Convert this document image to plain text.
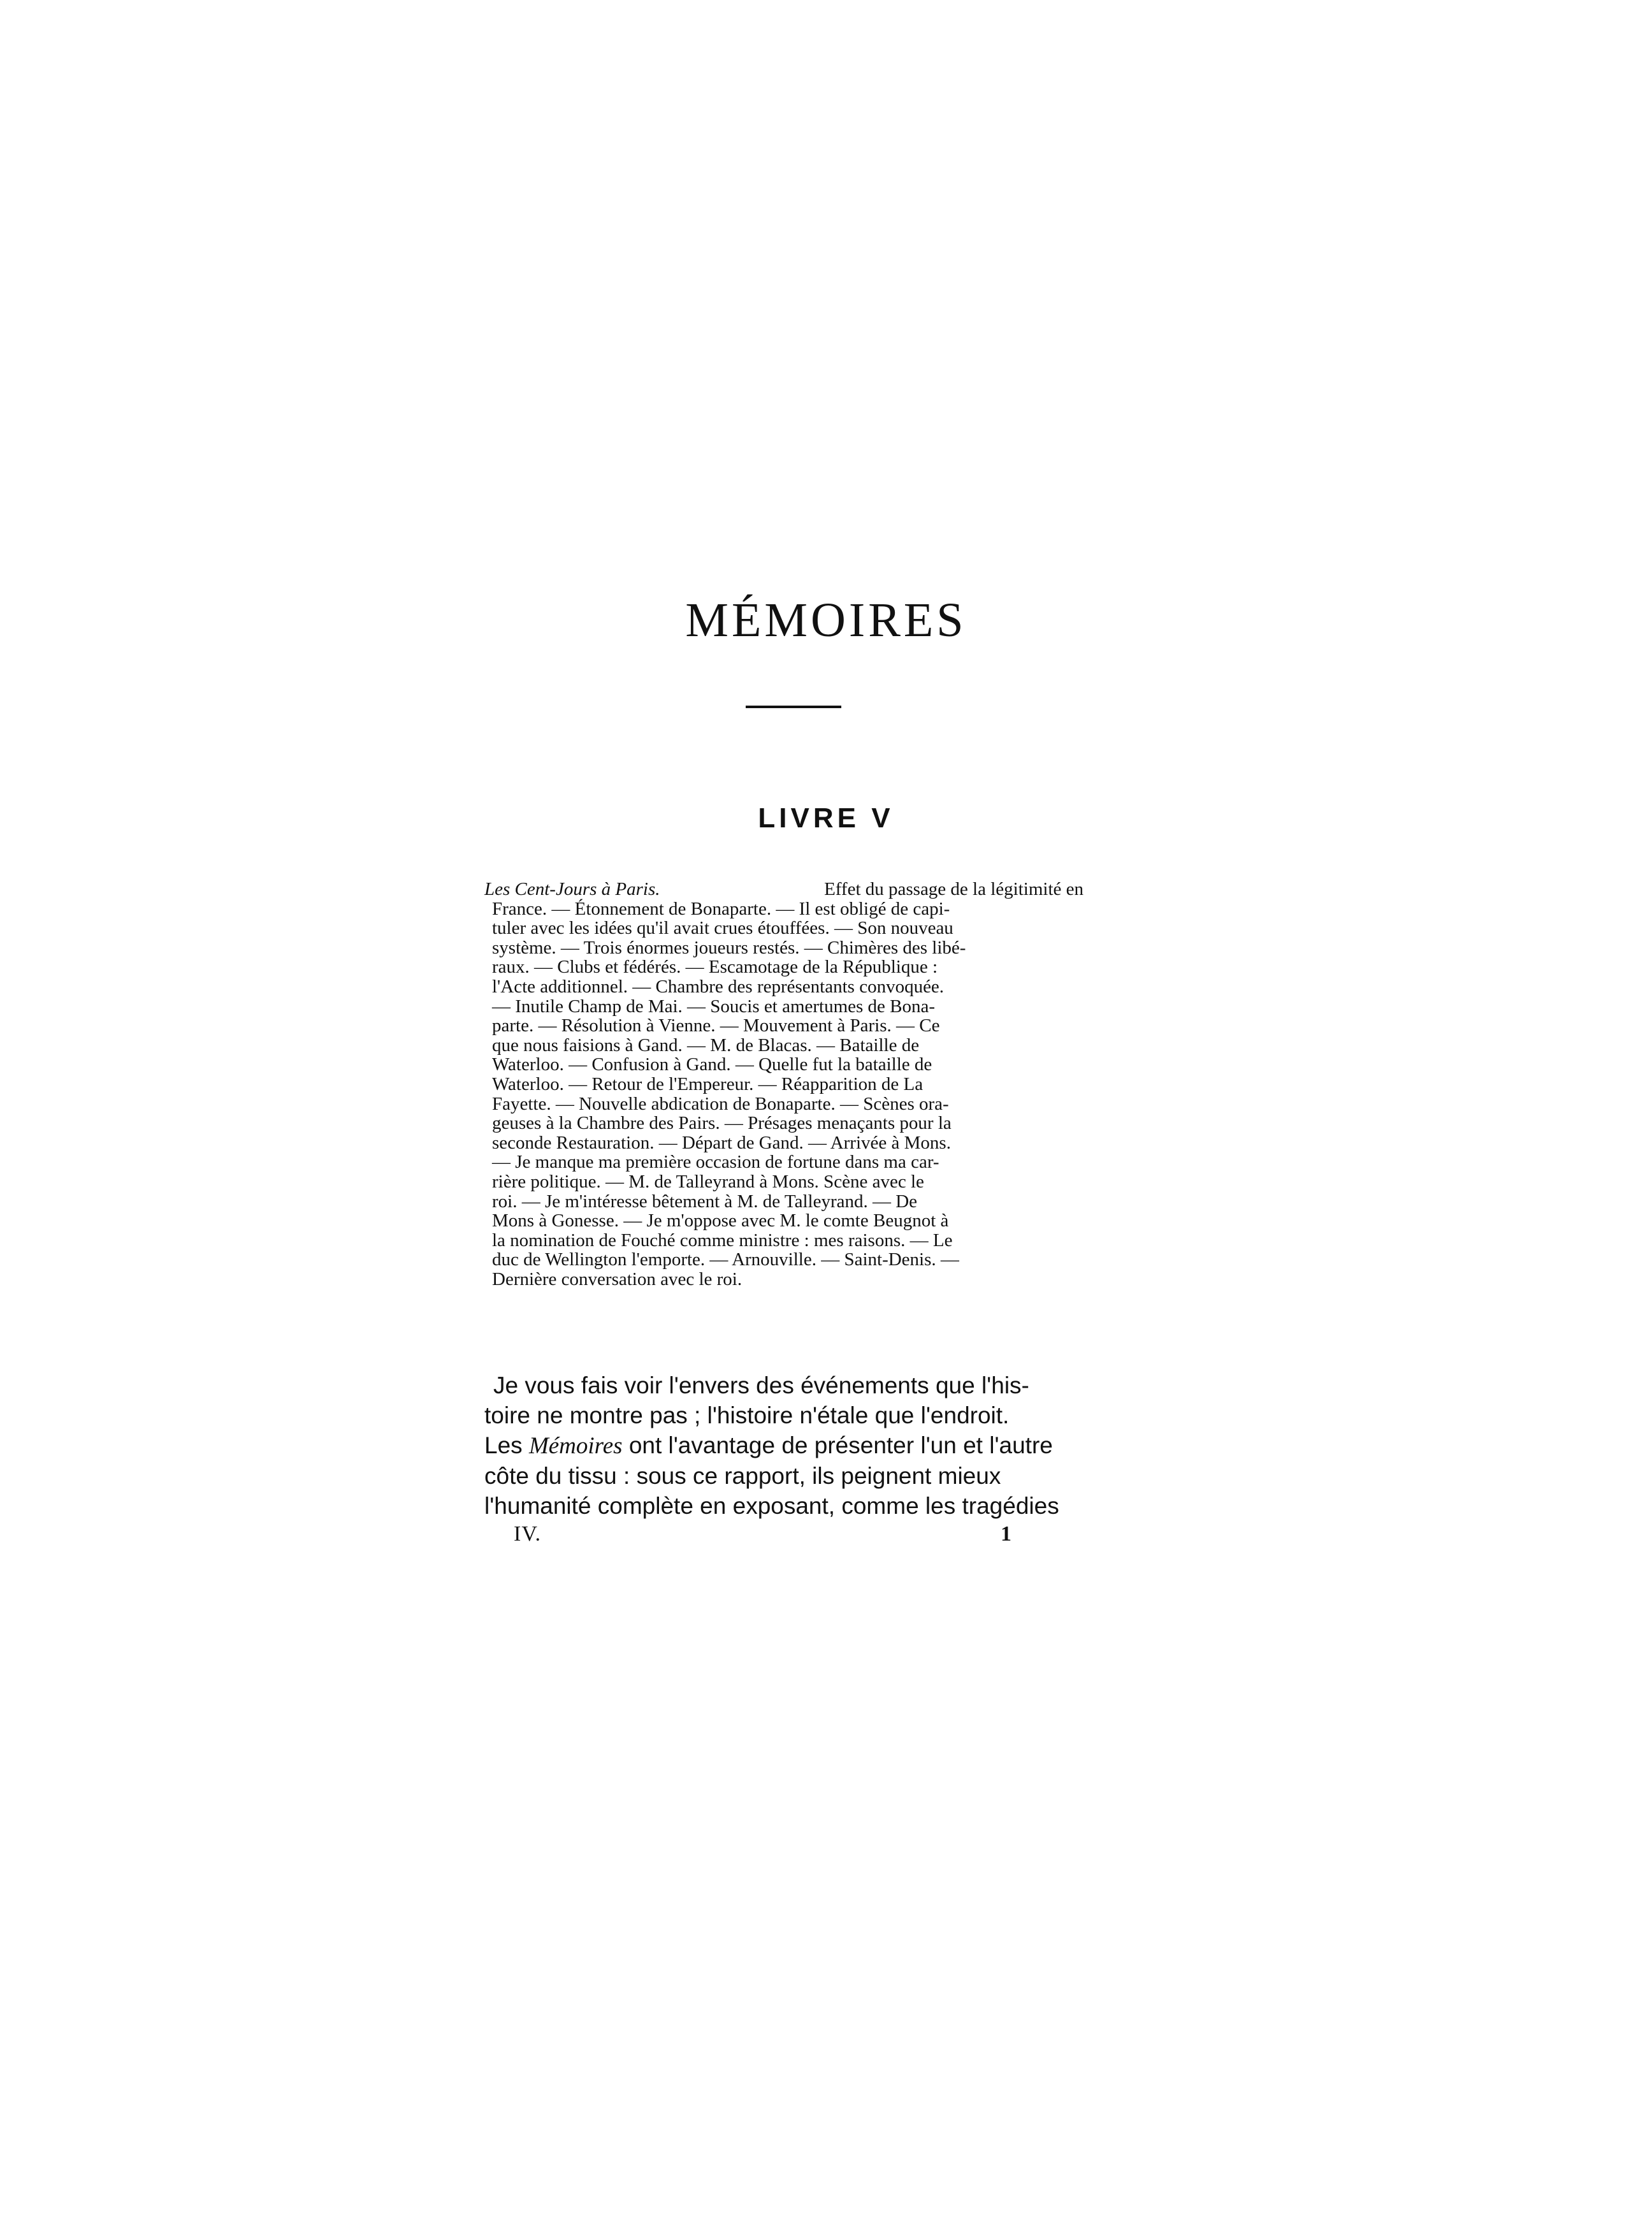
MÉMOIRES
LIVRE V
Les Cent-Jours à Paris.	Effet du passage de la légitimité en
France. — Étonnement de Bonaparte. — Il est obligé de capi-
tuler avec les idées qu'il avait crues étouffées. — Son nouveau
système. — Trois énormes joueurs restés. — Chimères des libé-
raux. — Clubs et fédérés. — Escamotage de la République :
l'Acte additionnel. — Chambre des représentants convoquée.
— Inutile Champ de Mai. — Soucis et amertumes de Bona-
parte. — Résolution à Vienne. — Mouvement à Paris. — Ce
que nous faisions à Gand. — M. de Blacas. — Bataille de
Waterloo. — Confusion à Gand. — Quelle fut la bataille de
Waterloo. — Retour de l'Empereur. — Réapparition de La
Fayette. — Nouvelle abdication de Bonaparte. — Scènes ora-
geuses à la Chambre des Pairs. — Présages menaçants pour la
seconde Restauration. — Départ de Gand. — Arrivée à Mons.
— Je manque ma première occasion de fortune dans ma car-
rière politique. — M. de Talleyrand à Mons. Scène avec le
roi. — Je m'intéresse bêtement à M. de Talleyrand. — De
Mons à Gonesse. — Je m'oppose avec M. le comte Beugnot à
la nomination de Fouché comme ministre : mes raisons. — Le
duc de Wellington l'emporte. — Arnouville. — Saint-Denis. —
Dernière conversation avec le roi.
Je vous fais voir l'envers des événements que l'his-
toire ne montre pas ; l'histoire n'étale que l'endroit.
Les Mémoires ont l'avantage de présenter l'un et l'autre
côte du tissu : sous ce rapport, ils peignent mieux
l'humanité complète en exposant, comme les tragédies
IV.	1
